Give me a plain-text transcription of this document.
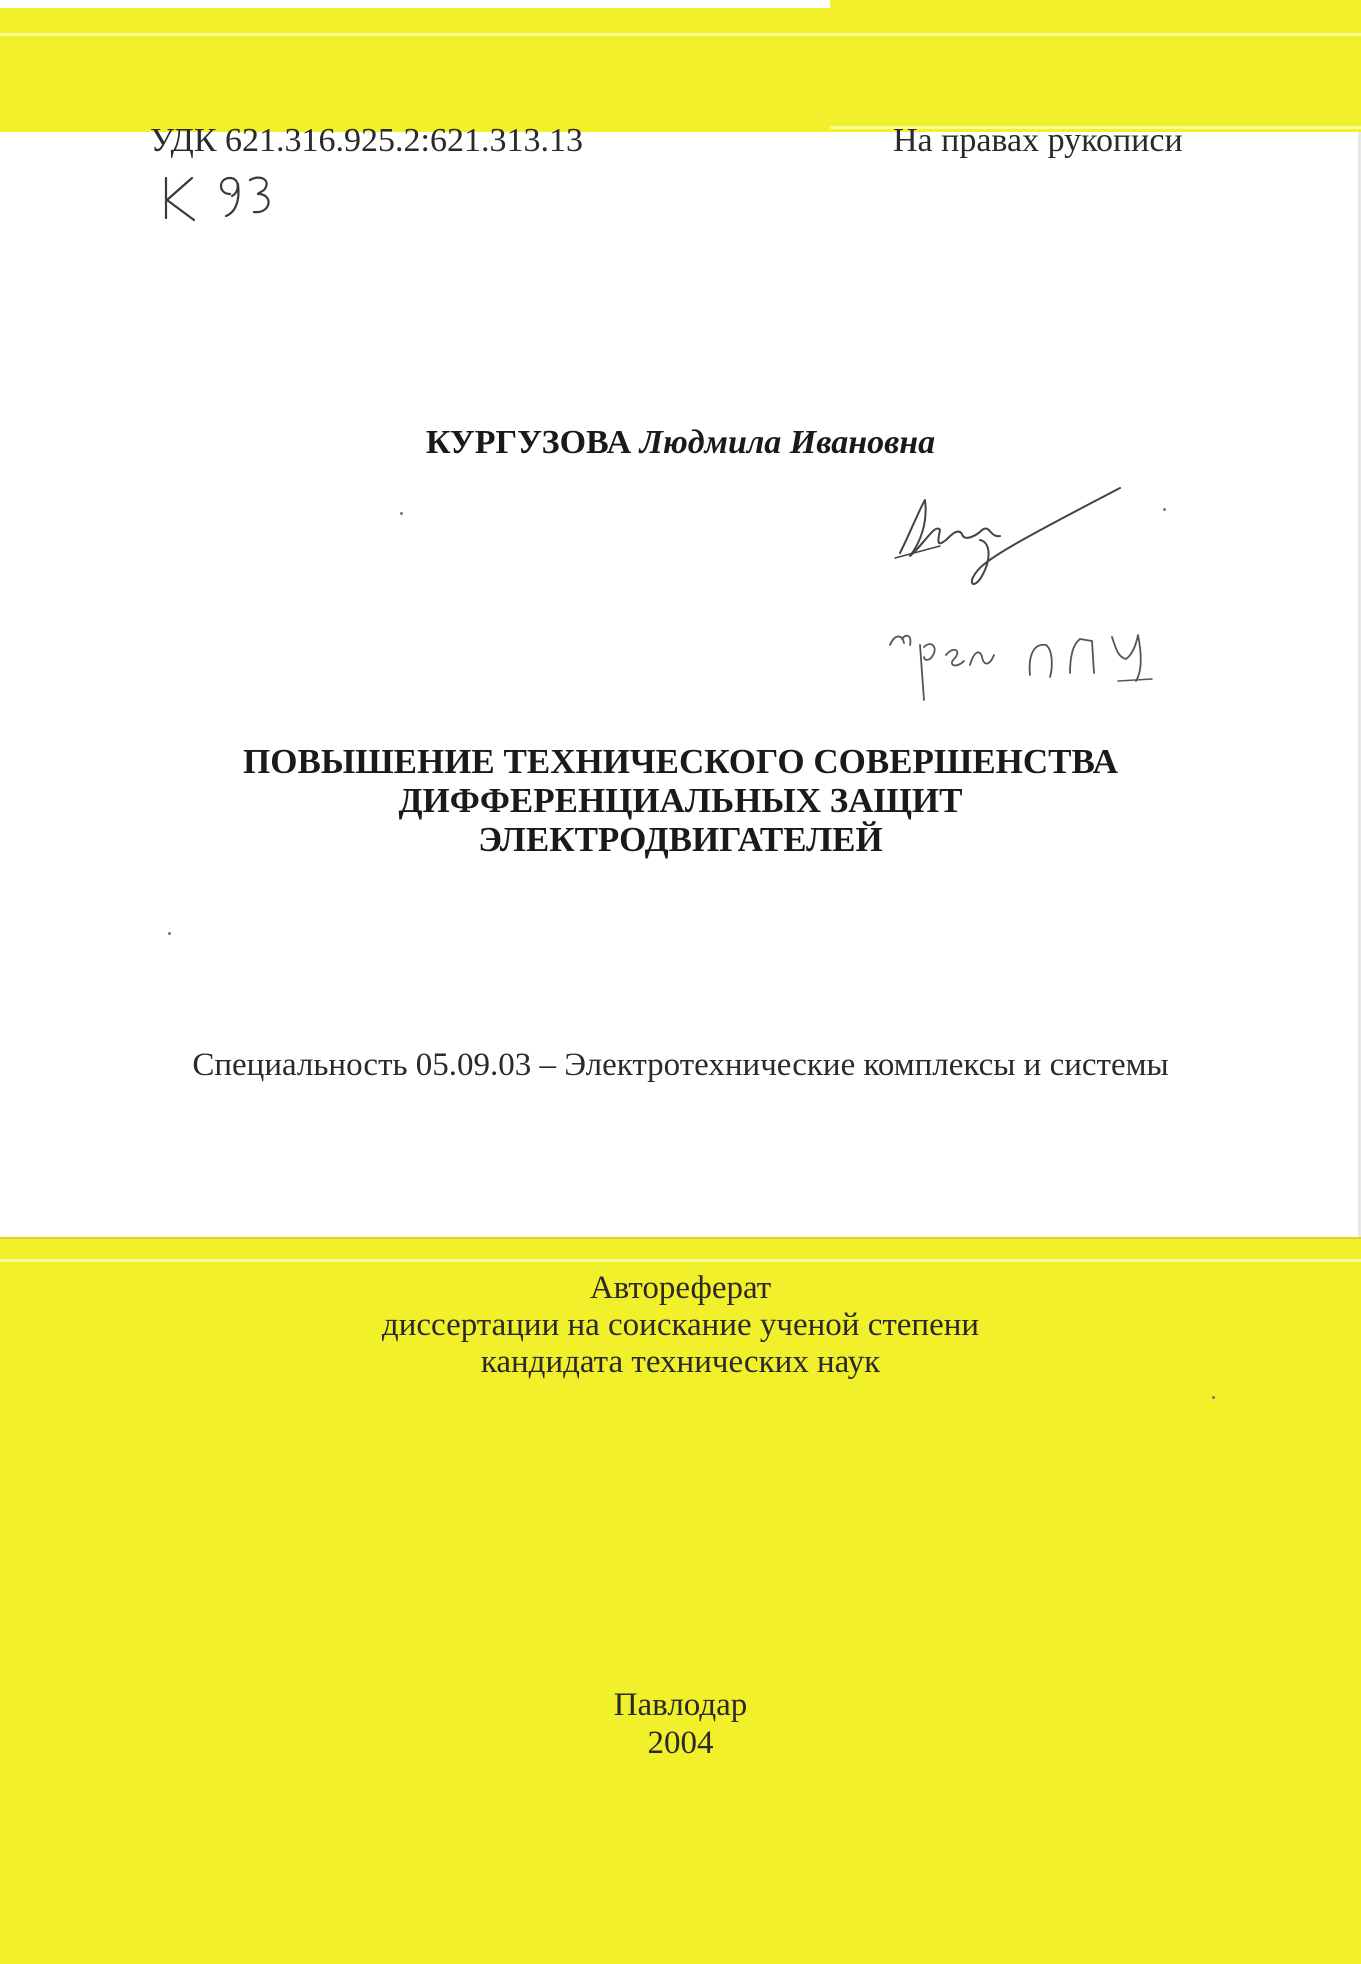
УДК 621.316.925.2:621.313.13	На правах рукописи
КУРГУЗОВА Людмила Ивановна
ПОВЫШЕНИЕ ТЕХНИЧЕСКОГО СОВЕРШЕНСТВА
ДИФФЕРЕНЦИАЛЬНЫХ ЗАЩИТ
ЭЛЕКТРОДВИГАТЕЛЕЙ
Специальность 05.09.03 – Электротехнические комплексы и системы
Автореферат
диссертации на соискание ученой степени
кандидата технических наук
Павлодар
2004
